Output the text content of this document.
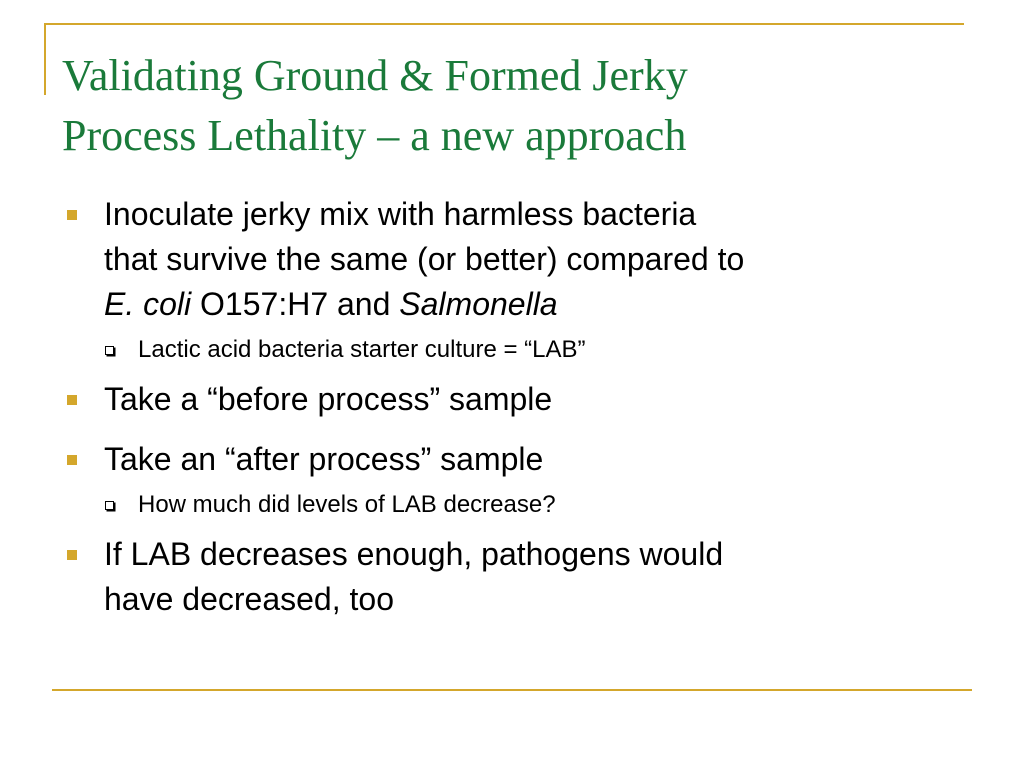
Validating Ground & Formed Jerky
Process Lethality – a new approach
Inoculate jerky mix with harmless bacteria
that survive the same (or better) compared to
E. coli O157:H7 and Salmonella
Lactic acid bacteria starter culture = “LAB”
Take a “before process” sample
Take an “after process” sample
How much did levels of LAB decrease?
If LAB decreases enough, pathogens would
have decreased, too
